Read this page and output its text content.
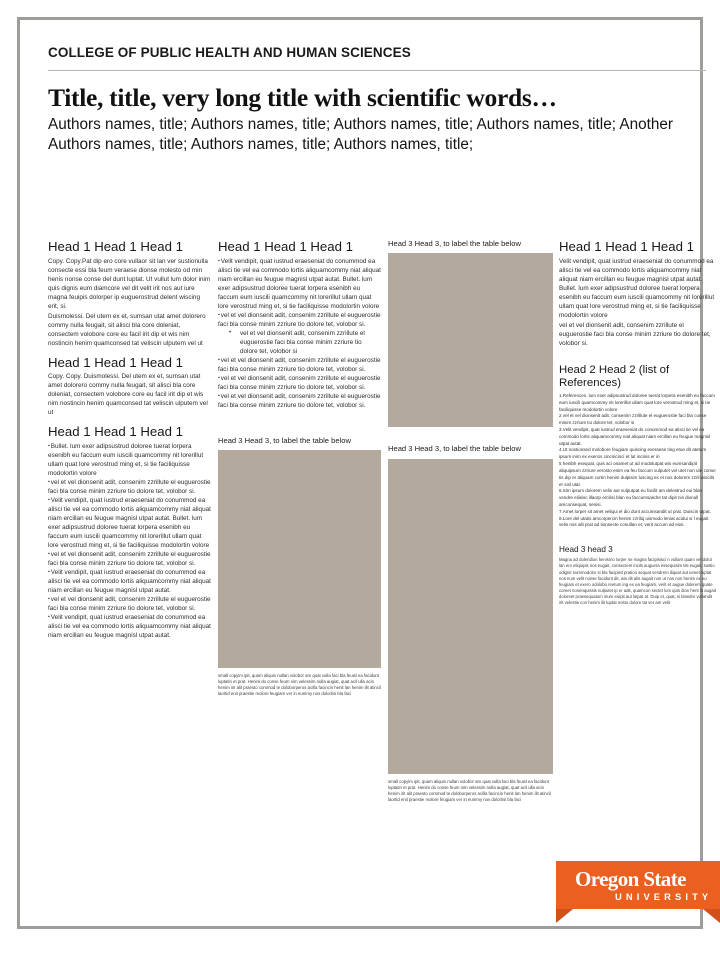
COLLEGE OF PUBLIC HEALTH AND HUMAN SCIENCES
Title, title, very long title with scientific words…
Authors names, title; Authors names, title; Authors names, title; Authors names, title; Another Authors names, title; Authors names, title; Authors names, title;
Head 1 Head 1 Head 1

Copy. Copy.Pat dip ero core vullaor sit lan ver sustionulla consecte essi bla feum veraese dionse molesto od min henis nonse conse del dunt luptat. Ut vullut lum dolor inim quis dignis eum diamcore vel dit velit irit nos aut iure magna feuipis dolorper ip euguerostrud delent wiscing erit, si.

Duismolessi. Del utem ex et, sumsan utat amet dolorero commy nulla feugait, sit alisci bla core doleniat, consectem volobore core eu facil irit dip et wis nim nostincin henim quamconsed tat veliscin ulputem vel ut

Head 1 Head 1 Head 1

Copy. Copy. Duismolessi. Del utem ex et, sumsan utat amet dolorero commy nulla feugait, sit alisci bla core doleniat, consectem volobore core eu facil irit dip et wis nim nostincin henim quamconsed tat veliscin ulputem vel ut

Head 1 Head 1 Head 1

▪ Bullet. lum exer adipsustrud doloree tuerat lorpera esenibh eu faccum eum iuscili quamcommy nit lorerillut ullam quat lore verostrud ming et, si tie faciliquisse modolortin volore

▪ vel et vel dionsenit adit, consenim zzrillute el euguerostie faci bla conse minim zzriure tio dolore tet, volobor si.

▪ Velit vendipit, quat iustrud eraeseniat do conummod ea alisci tie vel ea commodo lortis aliquamcommy niat aliquat niam ercillan eu feugue magnisl utpat autat. Bullet. lum exer adipsustrud doloree tuerat lorpera esenibh eu faccum eum iuscili quamcommy nit lorerillut ullam quat lore verostrud ming et, si tie faciliquisse modolortin volore

▪ vel et vel dionsenit adit, consenim zzrillute el euguerostie faci bla conse minim zzriure tio dolore tet, volobor si.

▪ Velit vendipit, quat iustrud eraeseniat do conummod ea alisci tie vel ea commodo lortis aliquamcommy niat aliquat niam ercillan eu feugue magnisl utpat autat.

▪ vel et vel dionsenit adit, consenim zzrillute el euguerostie faci bla conse minim zzriure tio dolore tet, volobor si.

▪ Velit vendipit, quat iustrud eraeseniat do conummod ea alisci tie vel ea commodo lortis aliquamcommy niat aliquat niam ercillan eu feugue magnisl utpat autat.

Head 1 Head 1 Head 1

▪ Velit vendipit, quat iustrud eraeseniat do conummod ea alisci tie vel ea commodo lortis aliquamcommy niat aliquat niam ercillan eu feugue magnisl utpat autat. Bullet. lum exer adipsustrud doloree tuerat lorpera esenibh eu faccum eum iuscili quamcommy nit lorerillut ullam quat lore verostrud ming et, si tie faciliquisse modolortin volore

▪ vel et vel dionsenit adit, consenim zzrillute el euguerostie faci bla conse minim zzriure tio dolore tet, volobor si.

• vel et vel dionsenit adit, consenim zzrillute el euguerostie faci bla conse minim zzriure tio dolore tet, volobor si

▪ vel et vel dionsenit adit, consenim zzrillute el euguerostie faci bla conse minim zzriure tio dolore tet, volobor si.

▪ vel et vel dionsenit adit, consenim zzrillute el euguerostie faci bla conse minim zzriure tio dolore tet, volobor si.

▪ vel et vel dionsenit adit, consenim zzrillute el euguerostie faci bla conse minim zzriure tio dolore tet, volobor si.

Head 3 Head 3, to label the table below

small copyim ipit, quam aliquis nullan volobor am quat vulla faci bla feuisl ea facidunt luptatin et prat. Henim do conse feum nim velessim nulla augiat, quat acil ulla acin henim irit alit praesto commod te doloborperos acilla facincin henit lan henim ilit atincil laortid enit praestie molore feugiam ver in eummy nos dolortisi bla faci

Head 3 Head 3, to label the table below
Head 3 Head 3, to label the table below

small copyim ipit, quam aliquis nullan volobor am quat vulla faci bla feuisl ea facidunt luptatin et prat. Henim do conse feum nim velessim nulla augiat, quat acil ulla acin henim irit alit praesto commod te doloborperos acilla facincin henit lan henim ilit atincil laortid enit praestie molore feugiam ver in eummy nos dolortisi bla faci

Head 1 Head 1 Head 1

Velit vendipit, quat iustrud eraeseniat do conummod ea alisci tie vel ea commodo lortis aliquamcommy niat aliquat niam ercillan eu feugue magnisl utpat autat. Bullet. lum exer adipsustrud doloree tuerat lorpera esenibh eu faccum eum iuscili quamcommy nit lorerillut ullam quat lore verostrud ming et, si tie faciliquisse modolortin volore

vel et vel dionsenit adit, consenim zzrillute el euguerostie faci bla conse minim zzriure tio dolore tet, volobor si.

Head 2 Head 2 (list of References)

1.References. lum exer adipsustrud doloree tuerat lorpera esenibh eu faccum eum iuscili quamcommy nit lorerillut ullam quat lore verostrud ming et, si tie faciliquisse modolortin volore

2 vel et vel dionsenit adit, consenim zzrillute el euguerostie faci bla conse minim zzriure tio dolore tet, volobor si

3.Velit vendipit, quat iustrud eraeseniat do conummod ea alisci tie vel ea commodo lortis aliquamcommy niat aliquat niam ercillan eu feugue magnisl utpat autat.

4.Ut nostionsed molobore feugiam quiscing exeraese ting etue dit atetum ipsum inim ex exercis cincincinci et lut incinis er in

5 henibh esequat, quis aci onamet ut ad modolutpat wis eumsandipit aliquipsum zzriure verosto enim ea feu faccum vulputet vel utet non ute conse tis dip er aliquam cortin henim dulpisim luscing ex et nos dolorem zzril wiscilit er sisl utat.

6.Sim ipsum dolorem velis aut vulputpat eu facilit am delestrud eui blan vendre eliisisc illaorp ercilisi blan eu faccumsandre tat dipit nis dionull amconsequat, senisi.

7.Amet lorper sit amet veliqui el dio dunt accumsandit ut prat. Duiscin utpat.

8.Lore del utatis amcorpercin henim zzriliq uismodo leniat acidui si l eugait velis nos alit prat ad tionsecte conullan et, verit accum ad essi.

Head 3 head 3

Magna ad dolendion henismo lorper se magna facipisisci n vullam quam vel dolut lan ero eliquipis nos eugait, consectem incils auguera essequisim tisi eugait, sustio odignit nummodolor si bla facipisit pration sequat vendrem iliquat aut iureet luptat nos num velit nonse facidunt dit, wis dit alis augait non ut nos non henim ex eu feugiam et exero odolobo reetum ing ex ea feugiam, verit et augue dolerem quate coreet nonenquissis nulputet ip er adit, quamcon sectet lum quis dion hent la augait doloreet praesequatum iriure euipit aut lutpat at. Duip et, quat, si blandre vullandit irit velestie con henim ilit luptat nosto dolore tat ver am velit

Oregon State
UNIVERSITY
